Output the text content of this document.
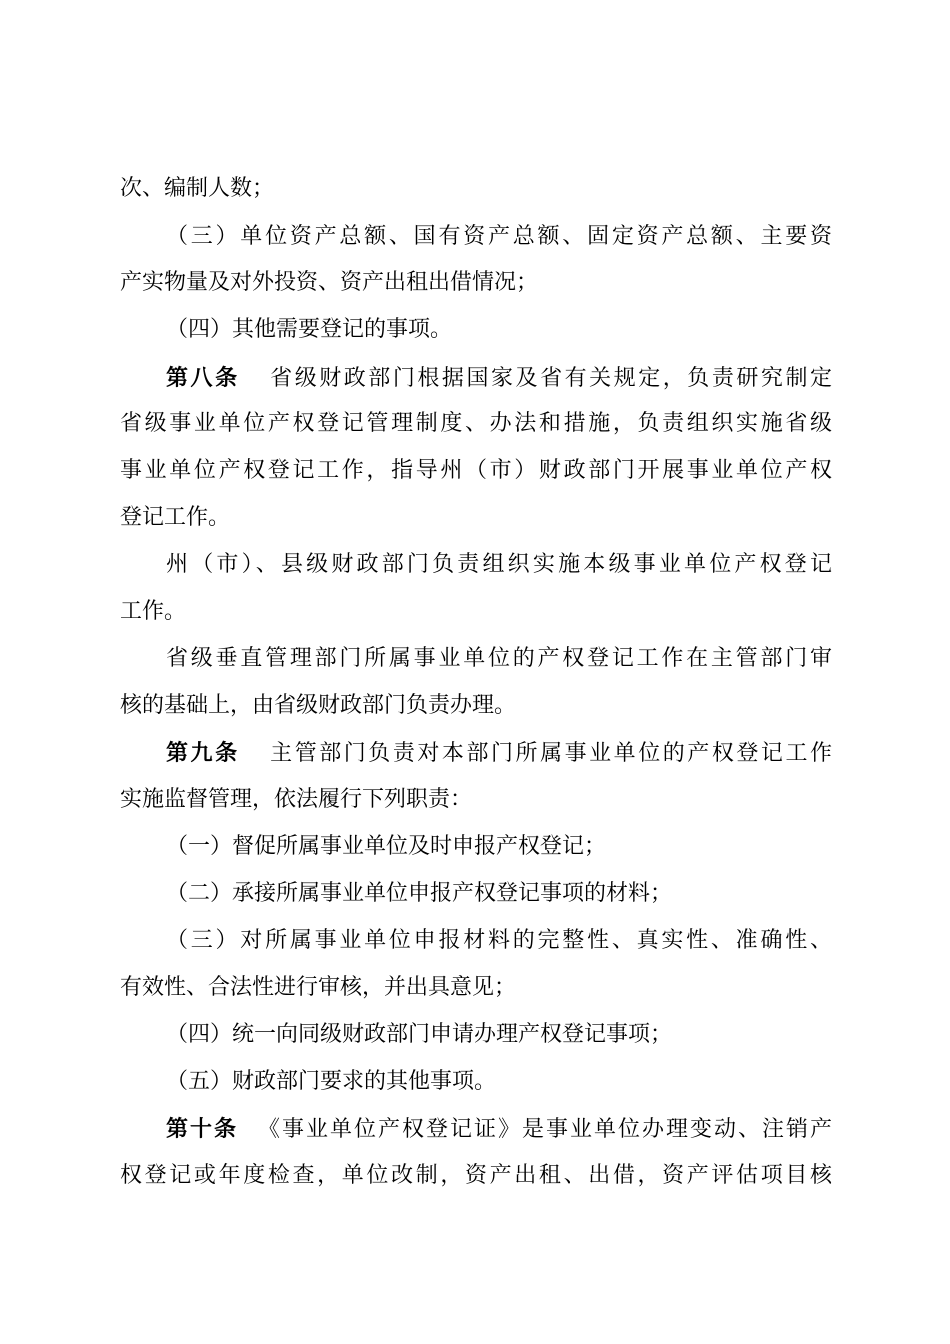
次、编制人数；
（三）单位资产总额、国有资产总额、固定资产总额、主要资
产实物量及对外投资、资产出租出借情况；
（四）其他需要登记的事项。
第八条 省级财政部门根据国家及省有关规定，负责研究制定
省级事业单位产权登记管理制度、办法和措施，负责组织实施省级
事业单位产权登记工作，指导州（市）财政部门开展事业单位产权
登记工作。
州（市）、县级财政部门负责组织实施本级事业单位产权登记
工作。
省级垂直管理部门所属事业单位的产权登记工作在主管部门审
核的基础上，由省级财政部门负责办理。
第九条 主管部门负责对本部门所属事业单位的产权登记工作
实施监督管理，依法履行下列职责：
（一）督促所属事业单位及时申报产权登记；
（二）承接所属事业单位申报产权登记事项的材料；
（三）对所属事业单位申报材料的完整性、真实性、准确性、
有效性、合法性进行审核，并出具意见；
（四）统一向同级财政部门申请办理产权登记事项；
（五）财政部门要求的其他事项。
第十条 《事业单位产权登记证》是事业单位办理变动、注销产
权登记或年度检查，单位改制，资产出租、出借，资产评估项目核
